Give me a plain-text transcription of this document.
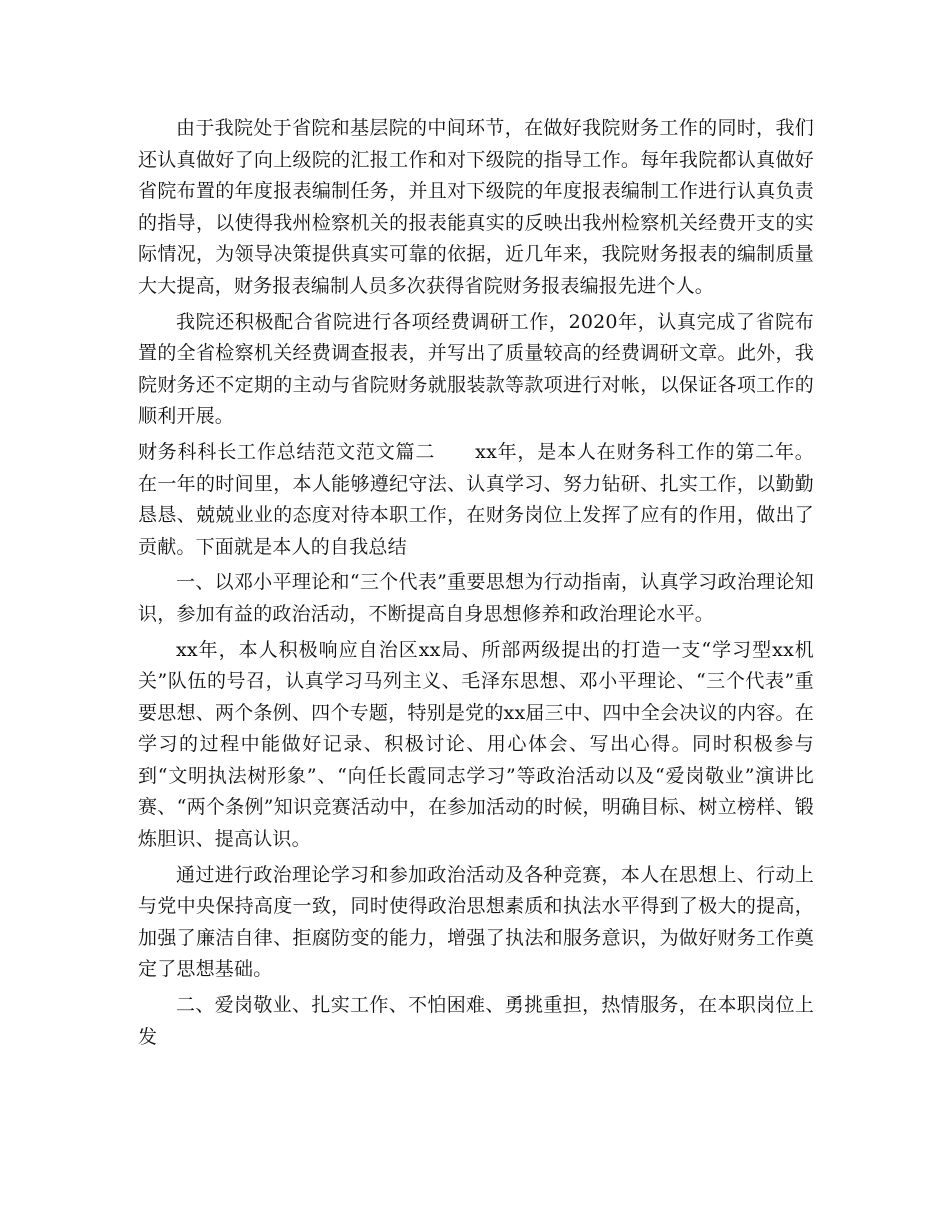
由于我院处于省院和基层院的中间环节，在做好我院财务工作的同时，我们还认真做好了向上级院的汇报工作和对下级院的指导工作。每年我院都认真做好省院布置的年度报表编制任务，并且对下级院的年度报表编制工作进行认真负责的指导，以使得我州检察机关的报表能真实的反映出我州检察机关经费开支的实际情况，为领导决策提供真实可靠的依据，近几年来，我院财务报表的编制质量大大提高，财务报表编制人员多次获得省院财务报表编报先进个人。

我院还积极配合省院进行各项经费调研工作，2020年，认真完成了省院布置的全省检察机关经费调查报表，并写出了质量较高的经费调研文章。此外，我院财务还不定期的主动与省院财务就服装款等款项进行对帐，以保证各项工作的顺利开展。

财务科科长工作总结范文范文篇二 xx年，是本人在财务科工作的第二年。在一年的时间里，本人能够遵纪守法、认真学习、努力钻研、扎实工作，以勤勤恳恳、兢兢业业的态度对待本职工作，在财务岗位上发挥了应有的作用，做出了贡献。下面就是本人的自我总结

一、以邓小平理论和“三个代表”重要思想为行动指南，认真学习政治理论知识，参加有益的政治活动，不断提高自身思想修养和政治理论水平。

xx年，本人积极响应自治区xx局、所部两级提出的打造一支“学习型xx机关”队伍的号召，认真学习马列主义、毛泽东思想、邓小平理论、“三个代表”重要思想、两个条例、四个专题，特别是党的xx届三中、四中全会决议的内容。在学习的过程中能做好记录、积极讨论、用心体会、写出心得。同时积极参与到“文明执法树形象”、“向任长霞同志学习”等政治活动以及“爱岗敬业”演讲比赛、“两个条例”知识竞赛活动中，在参加活动的时候，明确目标、树立榜样、锻炼胆识、提高认识。

通过进行政治理论学习和参加政治活动及各种竞赛，本人在思想上、行动上与党中央保持高度一致，同时使得政治思想素质和执法水平得到了极大的提高，加强了廉洁自律、拒腐防变的能力，增强了执法和服务意识，为做好财务工作奠定了思想基础。

二、爱岗敬业、扎实工作、不怕困难、勇挑重担，热情服务，在本职岗位上发
